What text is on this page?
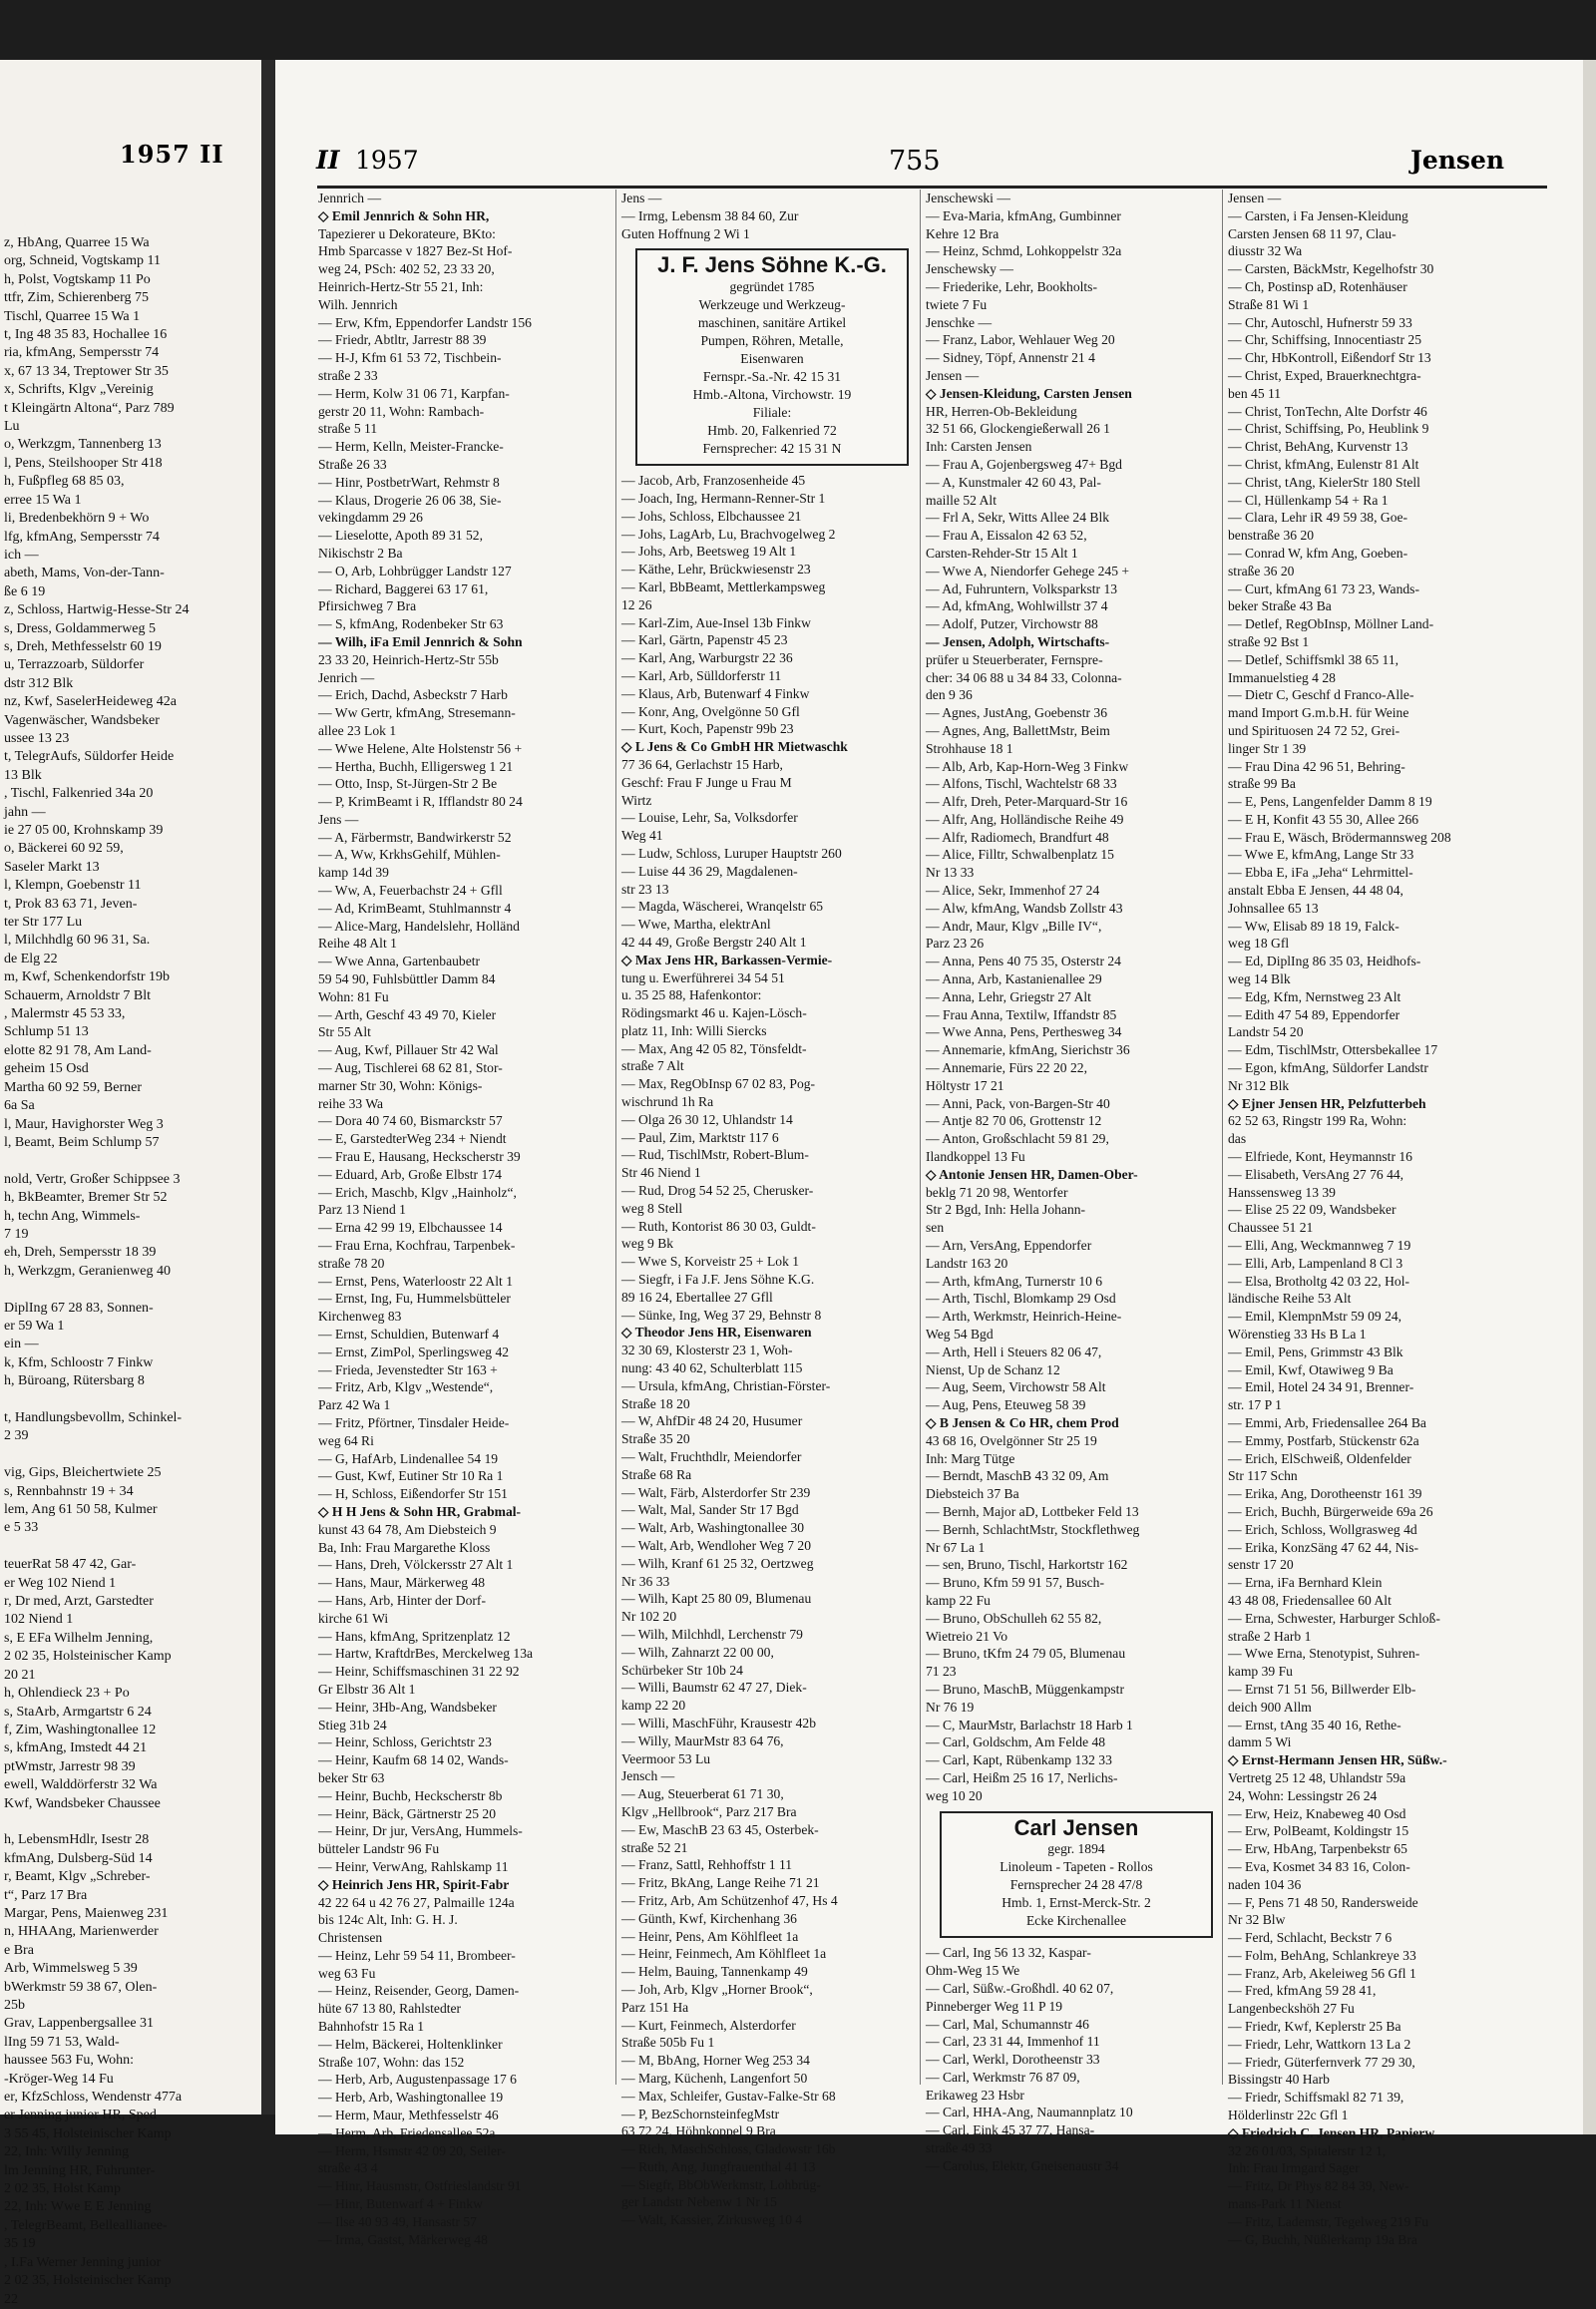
1957 II
z, HbAng, Quarree 15 Wa
org, Schneid, Vogtskamp 11
h, Polst, Vogtskamp 11 Po
ttfr, Zim, Schierenberg 75
Tischl, Quarree 15 Wa 1
t, Ing 48 35 83, Hochallee 16
ria, kfmAng, Sempersstr 74
x, 67 13 34, Treptower Str 35
x, Schrifts, Klgv „Vereinig
t Kleingärtn Altona“, Parz 789
Lu
o, Werkzgm, Tannenberg 13
l, Pens, Steilshooper Str 418
h, Fußpfleg 68 85 03,
erree 15 Wa 1
li, Bredenbekhörn 9 + Wo
lfg, kfmAng, Sempersstr 74
ich —
abeth, Mams, Von-der-Tann-
ße 6 19
z, Schloss, Hartwig-Hesse-Str 24
s, Dress, Goldammerweg 5
s, Dreh, Methfesselstr 60 19
u, Terrazzoarb, Süldorfer
dstr 312 Blk
nz, Kwf, SaselerHeideweg 42a
Vagenwäscher, Wandsbeker
ussee 13 23
t, TelegrAufs, Süldorfer Heide
13 Blk
, Tischl, Falkenried 34a 20
jahn —
ie 27 05 00, Krohnskamp 39
o, Bäckerei 60 92 59,
Saseler Markt 13
l, Klempn, Goebenstr 11
t, Prok 83 63 71, Jeven-
ter Str 177 Lu
l, Milchhdlg 60 96 31, Sa.
de Elg 22
m, Kwf, Schenkendorfstr 19b
Schauerm, Arnoldstr 7 Blt
, Malermstr 45 53 33,
Schlump 51 13
elotte 82 91 78, Am Land-
geheim 15 Osd
Martha 60 92 59, Berner
6a Sa
l, Maur, Havighorster Weg 3
l, Beamt, Beim Schlump 57

nold, Vertr, Großer Schippsee 3
h, BkBeamter, Bremer Str 52
h, techn Ang, Wimmels-
7 19
eh, Dreh, Sempersstr 18 39
h, Werkzgm, Geranienweg 40

DiplIng 67 28 83, Sonnen-
er 59 Wa 1
ein —
k, Kfm, Schloostr 7 Finkw
h, Büroang, Rütersbarg 8

t, Handlungsbevollm, Schinkel-
2 39

vig, Gips, Bleichertwiete 25
s, Rennbahnstr 19 + 34
lem, Ang 61 50 58, Kulmer
e 5 33

teuerRat 58 47 42, Gar-
er Weg 102 Niend 1
r, Dr med, Arzt, Garstedter
102 Niend 1
s, E EFa Wilhelm Jenning,
2 02 35, Holsteinischer Kamp
20 21
h, Ohlendieck 23 + Po
s, StaArb, Armgartstr 6 24
f, Zim, Washingtonallee 12
s, kfmAng, Imstedt 44 21
ptWmstr, Jarrestr 98 39
ewell, Walddörferstr 32 Wa
Kwf, Wandsbeker Chaussee

h, LebensmHdlr, Isestr 28
kfmAng, Dulsberg-Süd 14
r, Beamt, Klgv „Schreber-
t“, Parz 17 Bra
Margar, Pens, Maienweg 231
n, HHAAng, Marienwerder
e Bra
Arb, Wimmelsweg 5 39
bWerkmstr 59 38 67, Olen-
25b
Grav, Lappenbergsallee 31
lIng 59 71 53, Wald-
haussee 563 Fu, Wohn:
-Kröger-Weg 14 Fu
er, KfzSchloss, Wendenstr 477a
er Jenning junior HR, Sped
3 55 45, Holsteinischer Kamp
22, Inh: Willy Jenning
lm Jenning HR, Fuhrunter-
2 02 35, Holst Kamp
22, Inh: Wwe E E Jenning
, TelegrBeamt, Belleallianee-
35 19
, I.Fa Werner Jenning junior
2 02 35, Holsteinischer Kamp
22
II 1957	755	Jensen
Jennrich —
◇ Emil Jennrich & Sohn HR,
Tapezierer u Dekorateure, BKto:
Hmb Sparcasse v 1827 Bez-St Hof-
weg 24, PSch: 402 52, 23 33 20,
Heinrich-Hertz-Str 55 21, Inh:
Wilh. Jennrich
— Erw, Kfm, Eppendorfer Landstr 156
— Friedr, Abtltr, Jarrestr 88 39
— H-J, Kfm 61 53 72, Tischbein-
straße 2 33
— Herm, Kolw 31 06 71, Karpfan-
gerstr 20 11, Wohn: Rambach-
straße 5 11
— Herm, Kelln, Meister-Francke-
Straße 26 33
— Hinr, PostbetrWart, Rehmstr 8
— Klaus, Drogerie 26 06 38, Sie-
vekingdamm 29 26
— Lieselotte, Apoth 89 31 52,
Nikischstr 2 Ba
— O, Arb, Lohbrügger Landstr 127
— Richard, Baggerei 63 17 61,
Pfirsichweg 7 Bra
— S, kfmAng, Rodenbeker Str 63
— Wilh, iFa Emil Jennrich & Sohn
23 33 20, Heinrich-Hertz-Str 55b
Jenrich —
— Erich, Dachd, Asbeckstr 7 Harb
— Ww Gertr, kfmAng, Stresemann-
allee 23 Lok 1
— Wwe Helene, Alte Holstenstr 56 +
— Hertha, Buchh, Elligersweg 1 21
— Otto, Insp, St-Jürgen-Str 2 Be
— P, KrimBeamt i R, Ifflandstr 80 24
Jens —
— A, Färbermstr, Bandwirkerstr 52
— A, Ww, KrkhsGehilf, Mühlen-
kamp 14d 39
— Ww, A, Feuerbachstr 24 + Gfll
— Ad, KrimBeamt, Stuhlmannstr 4
— Alice-Marg, Handelslehr, Holländ
Reihe 48 Alt 1
— Wwe Anna, Gartenbaubetr
59 54 90, Fuhlsbüttler Damm 84
Wohn: 81 Fu
— Arth, Geschf 43 49 70, Kieler
Str 55 Alt
— Aug, Kwf, Pillauer Str 42 Wal
— Aug, Tischlerei 68 62 81, Stor-
marner Str 30, Wohn: Königs-
reihe 33 Wa
— Dora 40 74 60, Bismarckstr 57
— E, GarstedterWeg 234 + Niendt
— Frau E, Hausang, Heckscherstr 39
— Eduard, Arb, Große Elbstr 174
— Erich, Maschb, Klgv „Hainholz“,
Parz 13 Niend 1
— Erna 42 99 19, Elbchaussee 14
— Frau Erna, Kochfrau, Tarpenbek-
straße 78 20
— Ernst, Pens, Waterloostr 22 Alt 1
— Ernst, Ing, Fu, Hummelsbütteler
Kirchenweg 83
— Ernst, Schuldien, Butenwarf 4
— Ernst, ZimPol, Sperlingsweg 42
— Frieda, Jevenstedter Str 163 +
— Fritz, Arb, Klgv „Westende“,
Parz 42 Wa 1
— Fritz, Pförtner, Tinsdaler Heide-
weg 64 Ri
— G, HafArb, Lindenallee 54 19
— Gust, Kwf, Eutiner Str 10 Ra 1
— H, Schloss, Eißendorfer Str 151
◇ H H Jens & Sohn HR, Grabmal-
kunst 43 64 78, Am Diebsteich 9
Ba, Inh: Frau Margarethe Kloss
— Hans, Dreh, Völckersstr 27 Alt 1
— Hans, Maur, Märkerweg 48
— Hans, Arb, Hinter der Dorf-
kirche 61 Wi
— Hans, kfmAng, Spritzenplatz 12
— Hartw, KraftdrBes, Merckelweg 13a
— Heinr, Schiffsmaschinen 31 22 92
Gr Elbstr 36 Alt 1
— Heinr, 3Hb-Ang, Wandsbeker
Stieg 31b 24
— Heinr, Schloss, Gerichtstr 23
— Heinr, Kaufm 68 14 02, Wands-
beker Str 63
— Heinr, Buchb, Heckscherstr 8b
— Heinr, Bäck, Gärtnerstr 25 20
— Heinr, Dr jur, VersAng, Hummels-
bütteler Landstr 96 Fu
— Heinr, VerwAng, Rahlskamp 11
◇ Heinrich Jens HR, Spirit-Fabr
42 22 64 u 42 76 27, Palmaille 124a
bis 124c Alt, Inh: G. H. J.
Christensen
— Heinz, Lehr 59 54 11, Brombeer-
weg 63 Fu
— Heinz, Reisender, Georg, Damen-
hüte 67 13 80, Rahlstedter
Bahnhofstr 15 Ra 1
— Helm, Bäckerei, Holtenklinker
Straße 107, Wohn: das 152
— Herb, Arb, Augustenpassage 17 6
— Herb, Arb, Washingtonallee 19
— Herm, Maur, Methfesselstr 46
— Herm, Arb, Friedensallee 52a
— Herm, Hsmstr 42 09 20, Seiler-
straße 43 4
— Hinr, Hausmstr, Ostfrieslandstr 91
— Hinr, Butenwarf 4 + Finkw
— Ilse 40 93 49, Hansastr 57
— Irma, Gastst, Märkerweg 48
Jens —
— Irmg, Lebensm 38 84 60, Zur
Guten Hoffnung 2 Wi 1
J. F. Jens Söhne K.-G.
gegründet 1785
Werkzeuge und Werkzeug-
maschinen, sanitäre Artikel
Pumpen, Röhren, Metalle,
Eisenwaren
Fernspr.-Sa.-Nr. 42 15 31
Hmb.-Altona, Virchowstr. 19
Filiale:
Hmb. 20, Falkenried 72
Fernsprecher: 42 15 31 N
— Jacob, Arb, Franzosenheide 45
— Joach, Ing, Hermann-Renner-Str 1
— Johs, Schloss, Elbchaussee 21
— Johs, LagArb, Lu, Brachvogelweg 2
— Johs, Arb, Beetsweg 19 Alt 1
— Käthe, Lehr, Brückwiesenstr 23
— Karl, BbBeamt, Mettlerkampsweg
12 26
— Karl-Zim, Aue-Insel 13b Finkw
— Karl, Gärtn, Papenstr 45 23
— Karl, Ang, Warburgstr 22 36
— Karl, Arb, Sülldorferstr 11
— Klaus, Arb, Butenwarf 4 Finkw
— Konr, Ang, Ovelgönne 50 Gfl
— Kurt, Koch, Papenstr 99b 23
◇ L Jens & Co GmbH HR Mietwaschk
77 36 64, Gerlachstr 15 Harb,
Geschf: Frau F Junge u Frau M
Wirtz
— Louise, Lehr, Sa, Volksdorfer
Weg 41
— Ludw, Schloss, Luruper Hauptstr 260
— Luise 44 36 29, Magdalenen-
str 23 13
— Magda, Wäscherei, Wranqelstr 65
— Wwe, Martha, elektrAnl
42 44 49, Große Bergstr 240 Alt 1
◇ Max Jens HR, Barkassen-Vermie-
tung u. Ewerführerei 34 54 51
u. 35 25 88, Hafenkontor:
Rödingsmarkt 46 u. Kajen-Lösch-
platz 11, Inh: Willi Siercks
— Max, Ang 42 05 82, Tönsfeldt-
straße 7 Alt
— Max, RegObInsp 67 02 83, Pog-
wischrund 1h Ra
— Olga 26 30 12, Uhlandstr 14
— Paul, Zim, Marktstr 117 6
— Rud, TischlMstr, Robert-Blum-
Str 46 Niend 1
— Rud, Drog 54 52 25, Cherusker-
weg 8 Stell
— Ruth, Kontorist 86 30 03, Guldt-
weg 9 Bk
— Wwe S, Korveistr 25 + Lok 1
— Siegfr, i Fa J.F. Jens Söhne K.G.
89 16 24, Ebertallee 27 Gfll
— Sünke, Ing, Weg 37 29, Behnstr 8
◇ Theodor Jens HR, Eisenwaren
32 30 69, Klosterstr 23 1, Woh-
nung: 43 40 62, Schulterblatt 115
— Ursula, kfmAng, Christian-Förster-
Straße 18 20
— W, AhfDir 48 24 20, Husumer
Straße 35 20
— Walt, Fruchthdlr, Meiendorfer
Straße 68 Ra
— Walt, Färb, Alsterdorfer Str 239
— Walt, Mal, Sander Str 17 Bgd
— Walt, Arb, Washingtonallee 30
— Walt, Arb, Wendloher Weg 7 20
— Wilh, Kranf 61 25 32, Oertzweg
Nr 36 33
— Wilh, Kapt 25 80 09, Blumenau
Nr 102 20
— Wilh, Milchhdl, Lerchenstr 79
— Wilh, Zahnarzt 22 00 00,
Schürbeker Str 10b 24
— Willi, Baumstr 62 47 27, Diek-
kamp 22 20
— Willi, MaschFühr, Krausestr 42b
— Willy, MaurMstr 83 64 76,
Veermoor 53 Lu
Jensch —
— Aug, Steuerberat 61 71 30,
Klgv „Hellbrook“, Parz 217 Bra
— Ew, MaschB 23 63 45, Osterbek-
straße 52 21
— Franz, Sattl, Rehhoffstr 1 11
— Fritz, BkAng, Lange Reihe 71 21
— Fritz, Arb, Am Schützenhof 47, Hs 4
— Günth, Kwf, Kirchenhang 36
— Heinr, Pens, Am Köhlfleet 1a
— Heinr, Feinmech, Am Köhlfleet 1a
— Helm, Bauing, Tannenkamp 49
— Joh, Arb, Klgv „Horner Brook“,
Parz 151 Ha
— Kurt, Feinmech, Alsterdorfer
Straße 505b Fu 1
— M, BbAng, Horner Weg 253 34
— Marg, Küchenh, Langenfort 50
— Max, Schleifer, Gustav-Falke-Str 68
— P, BezSchornsteinfegMstr
63 72 24, Höhnkoppel 9 Bra
— Rich, MaschSchloss, Gladowstr 16b
— Ruth, Ang, Jungfrauenthal 41 13
— Siegfr, BbObWerkmstr, Lohbrüg-
ger Landstr Nebenw 1 Nr 15
— Walt, Kassier, Zirkusweg 10 4
Jenschewski —
— Eva-Maria, kfmAng, Gumbinner
Kehre 12 Bra
— Heinz, Schmd, Lohkoppelstr 32a
Jenschewsky —
— Friederike, Lehr, Bookholts-
twiete 7 Fu
Jenschke —
— Franz, Labor, Wehlauer Weg 20
— Sidney, Töpf, Annenstr 21 4
Jensen —
◇ Jensen-Kleidung, Carsten Jensen
HR, Herren-Ob-Bekleidung
32 51 66, Glockengießerwall 26 1
Inh: Carsten Jensen
— Frau A, Gojenbergsweg 47+ Bgd
— A, Kunstmaler 42 60 43, Pal-
maille 52 Alt
— Frl A, Sekr, Witts Allee 24 Blk
— Frau A, Eissalon 42 63 52,
Carsten-Rehder-Str 15 Alt 1
— Wwe A, Niendorfer Gehege 245 +
— Ad, Fuhruntern, Volksparkstr 13
— Ad, kfmAng, Wohlwillstr 37 4
— Adolf, Putzer, Virchowstr 88
— Jensen, Adolph, Wirtschafts-
prüfer u Steuerberater, Fernspre-
cher: 34 06 88 u 34 84 33, Colonna-
den 9 36
— Agnes, JustAng, Goebenstr 36
— Agnes, Ang, BallettMstr, Beim
Strohhause 18 1
— Alb, Arb, Kap-Horn-Weg 3 Finkw
— Alfons, Tischl, Wachtelstr 68 33
— Alfr, Dreh, Peter-Marquard-Str 16
— Alfr, Ang, Holländische Reihe 49
— Alfr, Radiomech, Brandfurt 48
— Alice, Filltr, Schwalbenplatz 15
Nr 13 33
— Alice, Sekr, Immenhof 27 24
— Alw, kfmAng, Wandsb Zollstr 43
— Andr, Maur, Klgv „Bille IV“,
Parz 23 26
— Anna, Pens 40 75 35, Osterstr 24
— Anna, Arb, Kastanienallee 29
— Anna, Lehr, Griegstr 27 Alt
— Frau Anna, Textilw, Iffandstr 85
— Wwe Anna, Pens, Perthesweg 34
— Annemarie, kfmAng, Sierichstr 36
— Annemarie, Fürs 22 20 22,
Höltystr 17 21
— Anni, Pack, von-Bargen-Str 40
— Antje 82 70 06, Grottenstr 12
— Anton, Großschlacht 59 81 29,
Ilandkoppel 13 Fu
◇ Antonie Jensen HR, Damen-Ober-
beklg 71 20 98, Wentorfer
Str 2 Bgd, Inh: Hella Johann-
sen
— Arn, VersAng, Eppendorfer
Landstr 163 20
— Arth, kfmAng, Turnerstr 10 6
— Arth, Tischl, Blomkamp 29 Osd
— Arth, Werkmstr, Heinrich-Heine-
Weg 54 Bgd
— Arth, Hell i Steuers 82 06 47,
Nienst, Up de Schanz 12
— Aug, Seem, Virchowstr 58 Alt
— Aug, Pens, Eteuweg 58 39
◇ B Jensen & Co HR, chem Prod
43 68 16, Ovelgönner Str 25 19
Inh: Marg Tütge
— Berndt, MaschB 43 32 09, Am
Diebsteich 37 Ba
— Bernh, Major aD, Lottbeker Feld 13
— Bernh, SchlachtMstr, Stockflethweg
Nr 67 La 1
— sen, Bruno, Tischl, Harkortstr 162
— Bruno, Kfm 59 91 57, Busch-
kamp 22 Fu
— Bruno, ObSchulleh 62 55 82,
Wietreio 21 Vo
— Bruno, tKfm 24 79 05, Blumenau
71 23
— Bruno, MaschB, Müggenkampstr
Nr 76 19
— C, MaurMstr, Barlachstr 18 Harb 1
— Carl, Goldschm, Am Felde 48
— Carl, Kapt, Rübenkamp 132 33
— Carl, Heißm 25 16 17, Nerlichs-
weg 10 20
Carl Jensen
gegr. 1894
Linoleum - Tapeten - Rollos
Fernsprecher 24 28 47/8
Hmb. 1, Ernst-Merck-Str. 2
Ecke Kirchenallee
— Carl, Ing 56 13 32, Kaspar-
Ohm-Weg 15 We
— Carl, Süßw.-Großhdl. 40 62 07,
Pinneberger Weg 11 P 19
— Carl, Mal, Schumannstr 46
— Carl, 23 31 44, Immenhof 11
— Carl, Werkl, Dorotheenstr 33
— Carl, Werkmstr 76 87 09,
Erikaweg 23 Hsbr
— Carl, HHA-Ang, Naumannplatz 10
— Carl, Eink 45 37 77, Hansa-
straße 49 33
— Carolus, Elektr, Gneisenaustr 34
Jensen —
— Carsten, i Fa Jensen-Kleidung
Carsten Jensen 68 11 97, Clau-
diusstr 32 Wa
— Carsten, BäckMstr, Kegelhofstr 30
— Ch, Postinsp aD, Rotenhäuser
Straße 81 Wi 1
— Chr, Autoschl, Hufnerstr 59 33
— Chr, Schiffsing, Innocentiastr 25
— Chr, HbKontroll, Eißendorf Str 13
— Christ, Exped, Brauerknechtgra-
ben 45 11
— Christ, TonTechn, Alte Dorfstr 46
— Christ, Schiffsing, Po, Heublink 9
— Christ, BehAng, Kurvenstr 13
— Christ, kfmAng, Eulenstr 81 Alt
— Christ, tAng, KielerStr 180 Stell
— Cl, Hüllenkamp 54 + Ra 1
— Clara, Lehr iR 49 59 38, Goe-
benstraße 36 20
— Conrad W, kfm Ang, Goeben-
straße 36 20
— Curt, kfmAng 61 73 23, Wands-
beker Straße 43 Ba
— Detlef, RegObInsp, Möllner Land-
straße 92 Bst 1
— Detlef, Schiffsmkl 38 65 11,
Immanuelstieg 4 28
— Dietr C, Geschf d Franco-Alle-
mand Import G.m.b.H. für Weine
und Spirituosen 24 72 52, Grei-
linger Str 1 39
— Frau Dina 42 96 51, Behring-
straße 99 Ba
— E, Pens, Langenfelder Damm 8 19
— E H, Konfit 43 55 30, Allee 266
— Frau E, Wäsch, Brödermannsweg 208
— Wwe E, kfmAng, Lange Str 33
— Ebba E, iFa „Jeha“ Lehrmittel-
anstalt Ebba E Jensen, 44 48 04,
Johnsallee 65 13
— Ww, Elisab 89 18 19, Falck-
weg 18 Gfl
— Ed, DiplIng 86 35 03, Heidhofs-
weg 14 Blk
— Edg, Kfm, Nernstweg 23 Alt
— Edith 47 54 89, Eppendorfer
Landstr 54 20
— Edm, TischlMstr, Ottersbekallee 17
— Egon, kfmAng, Süldorfer Landstr
Nr 312 Blk
◇ Ejner Jensen HR, Pelzfutterbeh
62 52 63, Ringstr 199 Ra, Wohn:
das
— Elfriede, Kont, Heymannstr 16
— Elisabeth, VersAng 27 76 44,
Hanssensweg 13 39
— Elise 25 22 09, Wandsbeker
Chaussee 51 21
— Elli, Ang, Weckmannweg 7 19
— Elli, Arb, Lampenland 8 Cl 3
— Elsa, Brotholtg 42 03 22, Hol-
ländische Reihe 53 Alt
— Emil, KlempnMstr 59 09 24,
Wörenstieg 33 Hs B La 1
— Emil, Pens, Grimmstr 43 Blk
— Emil, Kwf, Otawiweg 9 Ba
— Emil, Hotel 24 34 91, Brenner-
str. 17 P 1
— Emmi, Arb, Friedensallee 264 Ba
— Emmy, Postfarb, Stückenstr 62a
— Erich, ElSchweiß, Oldenfelder
Str 117 Schn
— Erika, Ang, Dorotheenstr 161 39
— Erich, Buchh, Bürgerweide 69a 26
— Erich, Schloss, Wollgrasweg 4d
— Erika, KonzSäng 47 62 44, Nis-
senstr 17 20
— Erna, iFa Bernhard Klein
43 48 08, Friedensallee 60 Alt
— Erna, Schwester, Harburger Schloß-
straße 2 Harb 1
— Wwe Erna, Stenotypist, Suhren-
kamp 39 Fu
— Ernst 71 51 56, Billwerder Elb-
deich 900 Allm
— Ernst, tAng 35 40 16, Rethe-
damm 5 Wi
◇ Ernst-Hermann Jensen HR, Süßw.-
Vertretg 25 12 48, Uhlandstr 59a
24, Wohn: Lessingstr 26 24
— Erw, Heiz, Knabeweg 40 Osd
— Erw, PolBeamt, Koldingstr 15
— Erw, HbAng, Tarpenbekstr 65
— Eva, Kosmet 34 83 16, Colon-
naden 104 36
— F, Pens 71 48 50, Randersweide
Nr 32 Blw
— Ferd, Schlacht, Beckstr 7 6
— Folm, BehAng, Schlankreye 33
— Franz, Arb, Akeleiweg 56 Gfl 1
— Fred, kfmAng 59 28 41,
Langenbeckshöh 27 Fu
— Friedr, Kwf, Keplerstr 25 Ba
— Friedr, Lehr, Wattkorn 13 La 2
— Friedr, Güterfernverk 77 29 30,
Bissingstr 40 Harb
— Friedr, Schiffsmakl 82 71 39,
Hölderlinstr 22c Gfl 1
◇ Friedrich C. Jensen HR, Papierw
32 26 01/03, Spitalerstr 12 1,
Inh: Frau Irmgard Sager
— Fritz, Dr Phys 82 84 39, New-
mans-Park 11 Nienst
— Fritz, Lademstr, Tegelweg 219 Fu
— G, Buchh, Nüßlerkamp 19a Bra
